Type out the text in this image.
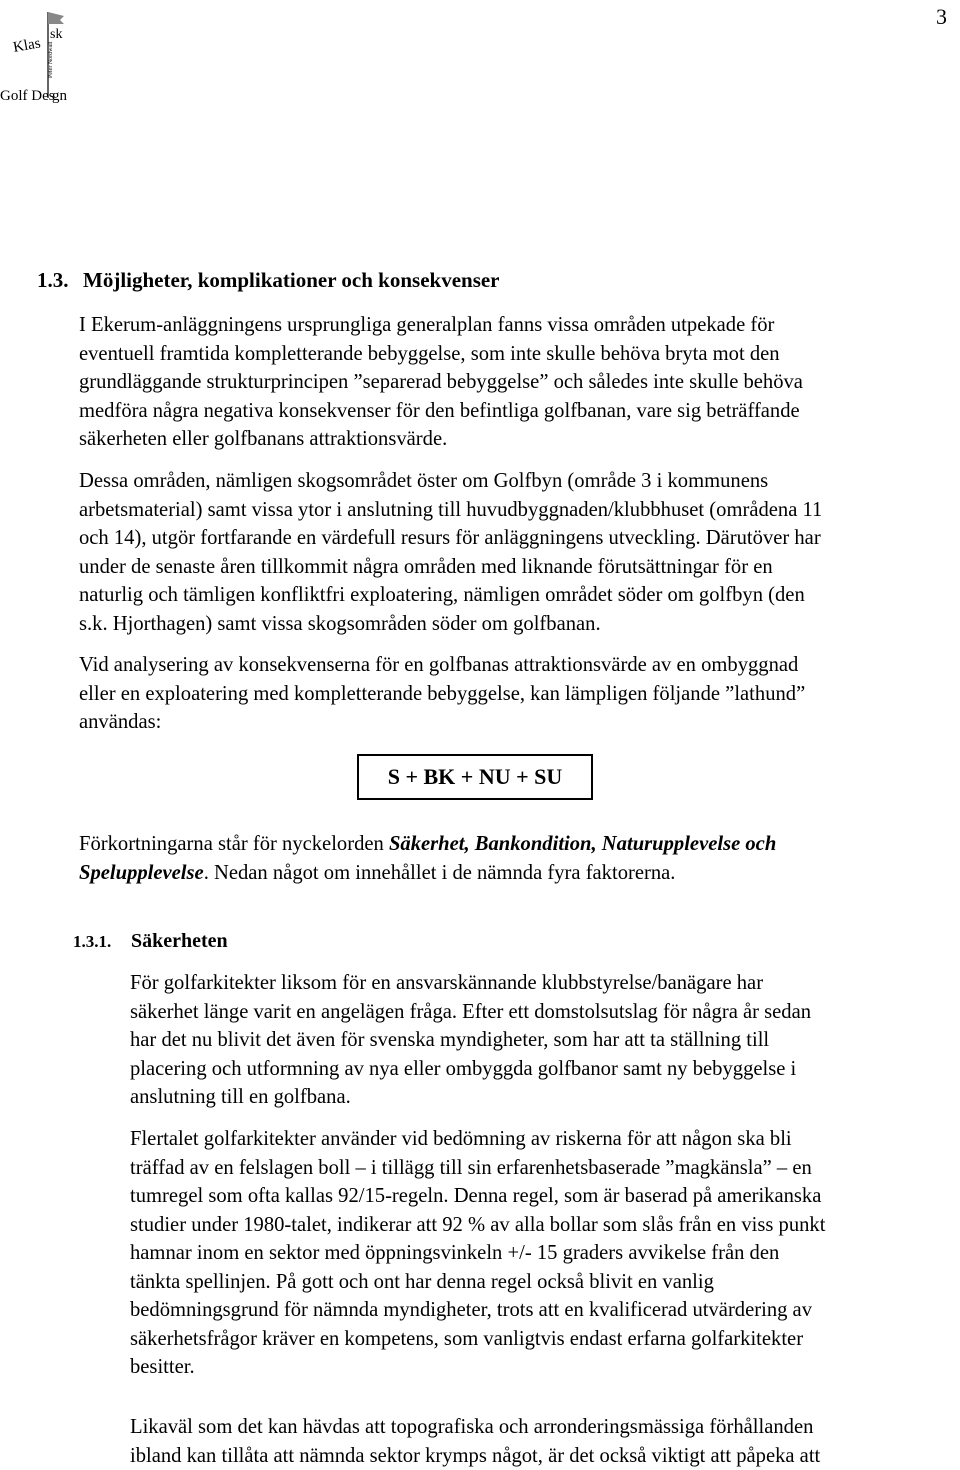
3
Klas
sk
Peter Nordwall
Golf Des
gn
1.3. Möjligheter, komplikationer och konsekvenser
I Ekerum-anläggningens ursprungliga generalplan fanns vissa områden utpekade för
eventuell framtida kompletterande bebyggelse, som inte skulle behöva bryta mot den
grundläggande strukturprincipen ”separerad bebyggelse” och således inte skulle behöva
medföra några negativa konsekvenser för den befintliga golfbanan, vare sig beträffande
säkerheten eller golfbanans attraktionsvärde.
Dessa områden, nämligen skogsområdet öster om Golfbyn (område 3 i kommunens
arbetsmaterial) samt vissa ytor i anslutning till huvudbyggnaden/klubbhuset (områdena 11
och 14), utgör fortfarande en värdefull resurs för anläggningens utveckling. Därutöver har
under de senaste åren tillkommit några områden med liknande förutsättningar för en
naturlig och tämligen konfliktfri exploatering, nämligen området söder om golfbyn (den
s.k. Hjorthagen) samt vissa skogsområden söder om golfbanan.
Vid analysering av konsekvenserna för en golfbanas attraktionsvärde av en ombyggnad
eller en exploatering med kompletterande bebyggelse, kan lämpligen följande ”lathund”
användas:
S + BK + NU + SU
Förkortningarna står för nyckelorden Säkerhet, Bankondition, Naturupplevelse och
Spelupplevelse. Nedan något om innehållet i de nämnda fyra faktorerna.
1.3.1. Säkerheten
För golfarkitekter liksom för en ansvarskännande klubbstyrelse/banägare har
säkerhet länge varit en angelägen fråga. Efter ett domstolsutslag för några år sedan
har det nu blivit det även för svenska myndigheter, som har att ta ställning till
placering och utformning av nya eller ombyggda golfbanor samt ny bebyggelse i
anslutning till en golfbana.
Flertalet golfarkitekter använder vid bedömning av riskerna för att någon ska bli
träffad av en felslagen boll – i tillägg till sin erfarenhetsbaserade ”magkänsla” – en
tumregel som ofta kallas 92/15-regeln. Denna regel, som är baserad på amerikanska
studier under 1980-talet, indikerar att 92 % av alla bollar som slås från en viss punkt
hamnar inom en sektor med öppningsvinkeln +/- 15 graders avvikelse från den
tänkta spellinjen. På gott och ont har denna regel också blivit en vanlig
bedömningsgrund för nämnda myndigheter, trots att en kvalificerad utvärdering av
säkerhetsfrågor kräver en kompetens, som vanligtvis endast erfarna golfarkitekter
besitter.
Likaväl som det kan hävdas att topografiska och arronderingsmässiga förhållanden
ibland kan tillåta att nämnda sektor krymps något, är det också viktigt att påpeka att
